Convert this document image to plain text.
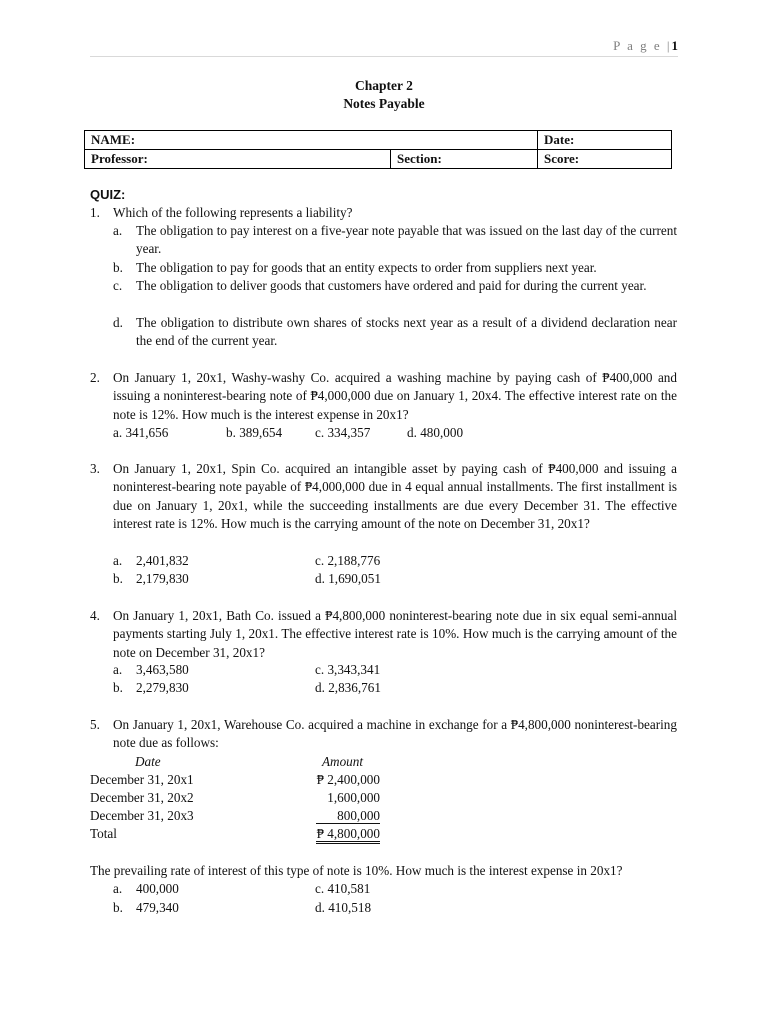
P a g e |1
Chapter 2
Notes Payable
NAME:		Date:
Professor:	Section:	Score:
QUIZ:
1. Which of the following represents a liability?
a. The obligation to pay interest on a five-year note payable that was issued on the last day of the current year.
b. The obligation to pay for goods that an entity expects to order from suppliers next year.
c. The obligation to deliver goods that customers have ordered and paid for during the current year.
d. The obligation to distribute own shares of stocks next year as a result of a dividend declaration near the end of the current year.
2. On January 1, 20x1, Washy-washy Co. acquired a washing machine by paying cash of ₱400,000 and issuing a noninterest-bearing note of ₱4,000,000 due on January 1, 20x4. The effective interest rate on the note is 12%. How much is the interest expense in 20x1?
a. 341,656	b. 389,654 c. 334,357	d. 480,000
3. On January 1, 20x1, Spin Co. acquired an intangible asset by paying cash of ₱400,000 and issuing a noninterest-bearing note payable of ₱4,000,000 due in 4 equal annual installments. The first installment is due on January 1, 20x1, while the succeeding installments are due every December 31. The effective interest rate is 12%. How much is the carrying amount of the note on December 31, 20x1?
a. 2,401,832
b. 2,179,830
c. 2,188,776
d. 1,690,051
4. On January 1, 20x1, Bath Co. issued a ₱4,800,000 noninterest-bearing note due in six equal semi-annual payments starting July 1, 20x1. The effective interest rate is 10%. How much is the carrying amount of the note on December 31, 20x1?
a. 3,463,580
b. 2,279,830
c. 3,343,341
d. 2,836,761
5. On January 1, 20x1, Warehouse Co. acquired a machine in exchange for a ₱4,800,000 noninterest-bearing note due as follows:
Date	Amount
December 31, 20x1	₱ 2,400,000
December 31, 20x2	1,600,000
December 31, 20x3	800,000
Total	₱ 4,800,000
The prevailing rate of interest of this type of note is 10%. How much is the interest expense in 20x1?
a. 400,000
b. 479,340
c. 410,581
d. 410,518
